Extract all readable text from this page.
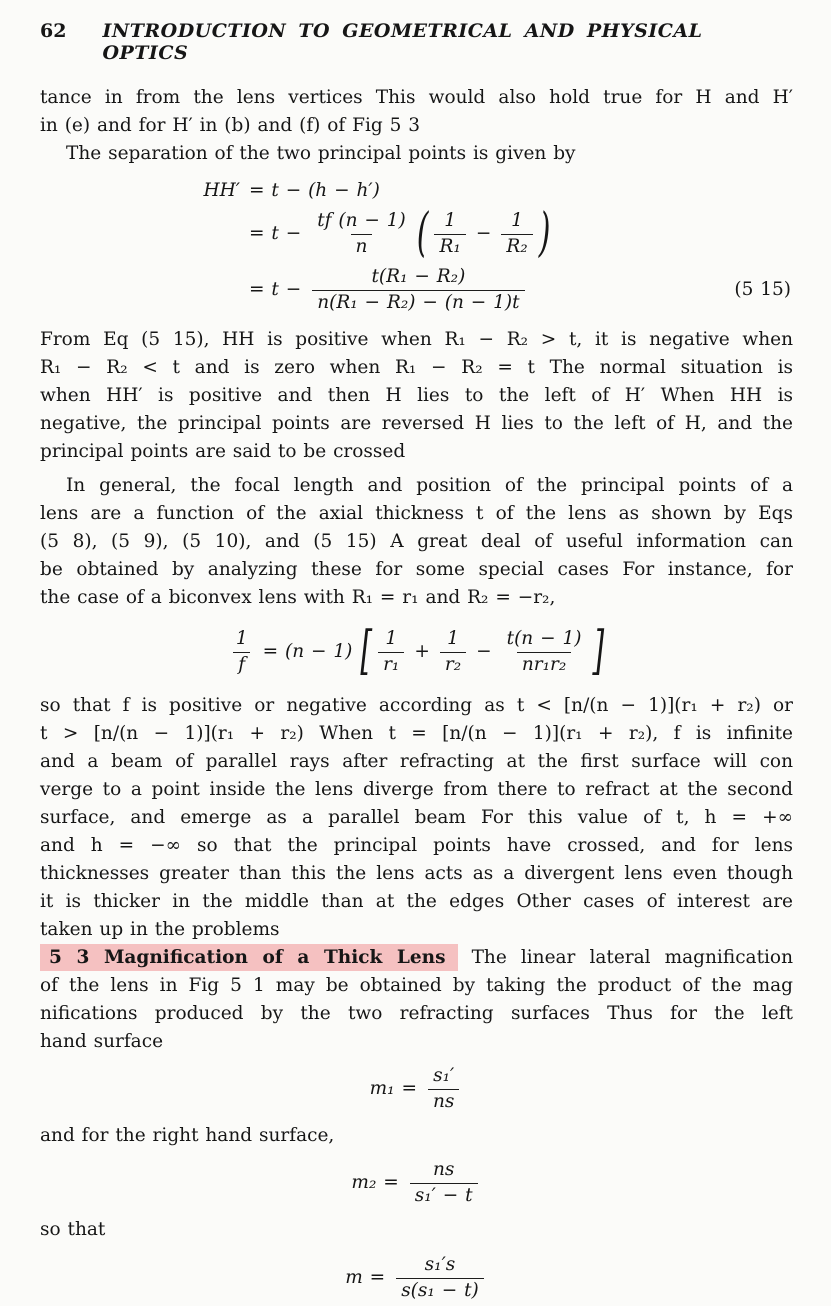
62 INTRODUCTION TO GEOMETRICAL AND PHYSICAL OPTICS
tance in from the lens vertices This would also hold true for H and H′
in (e) and for H′ in (b) and (f) of Fig 5 3
The separation of the two principal points is given by
HH′ = t − (h − h′)
= $t - \frac{tf (n - 1)}{n}$ ( $\frac{1}{\text{R₁}} - \frac{1}{\text{R₂}}$ )
= $t - \frac{\text{t(R₁ − R₂)}}{\text{n(R₁ − R₂) − (n − 1)t}}$	(5 15)
From Eq (5 15), HH is positive when R₁ − R₂ > t, it is negative when
R₁ − R₂ < t and is zero when R₁ − R₂ = t The normal situation is
when HH′ is positive and then H lies to the left of H′ When HH is
negative, the principal points are reversed H lies to the left of H, and the
principal points are said to be crossed
In general, the focal length and position of the principal points of a
lens are a function of the axial thickness t of the lens as shown by Eqs
(5 8), (5 9), (5 10), and (5 15) A great deal of useful information can
be obtained by analyzing these for some special cases For instance, for
the case of a biconvex lens with R₁ = r₁ and R₂ = −r₂,
$\frac{1}{f} = (n - 1)$ [ $\frac{1}{\text{r₁}} + \frac{1}{\text{r₂}} - \frac{t(n - 1)}{\text{nr₁r₂}}$ ]
so that f is positive or negative according as t < [n/(n − 1)](r₁ + r₂) or
t > [n/(n − 1)](r₁ + r₂) When t = [n/(n − 1)](r₁ + r₂), f is infinite
and a beam of parallel rays after refracting at the first surface will con
verge to a point inside the lens diverge from there to refract at the second
surface, and emerge as a parallel beam For this value of t, h = +∞
and h = −∞ so that the principal points have crossed, and for lens
thicknesses greater than this the lens acts as a divergent lens even though
it is thicker in the middle than at the edges Other cases of interest are
taken up in the problems
5 3 Magnification of a Thick Lens The linear lateral magnification
of the lens in Fig 5 1 may be obtained by taking the product of the mag
nifications produced by the two refracting surfaces Thus for the left
hand surface
$m_1 = \frac{\text{s₁′}}{ns}$
and for the right hand surface,
$m_2 = \frac{ns}{\text{s₁′ − t}}$
so that
$m = \frac{\text{s₁′s}}{\text{s(s₁ − t)}}$
